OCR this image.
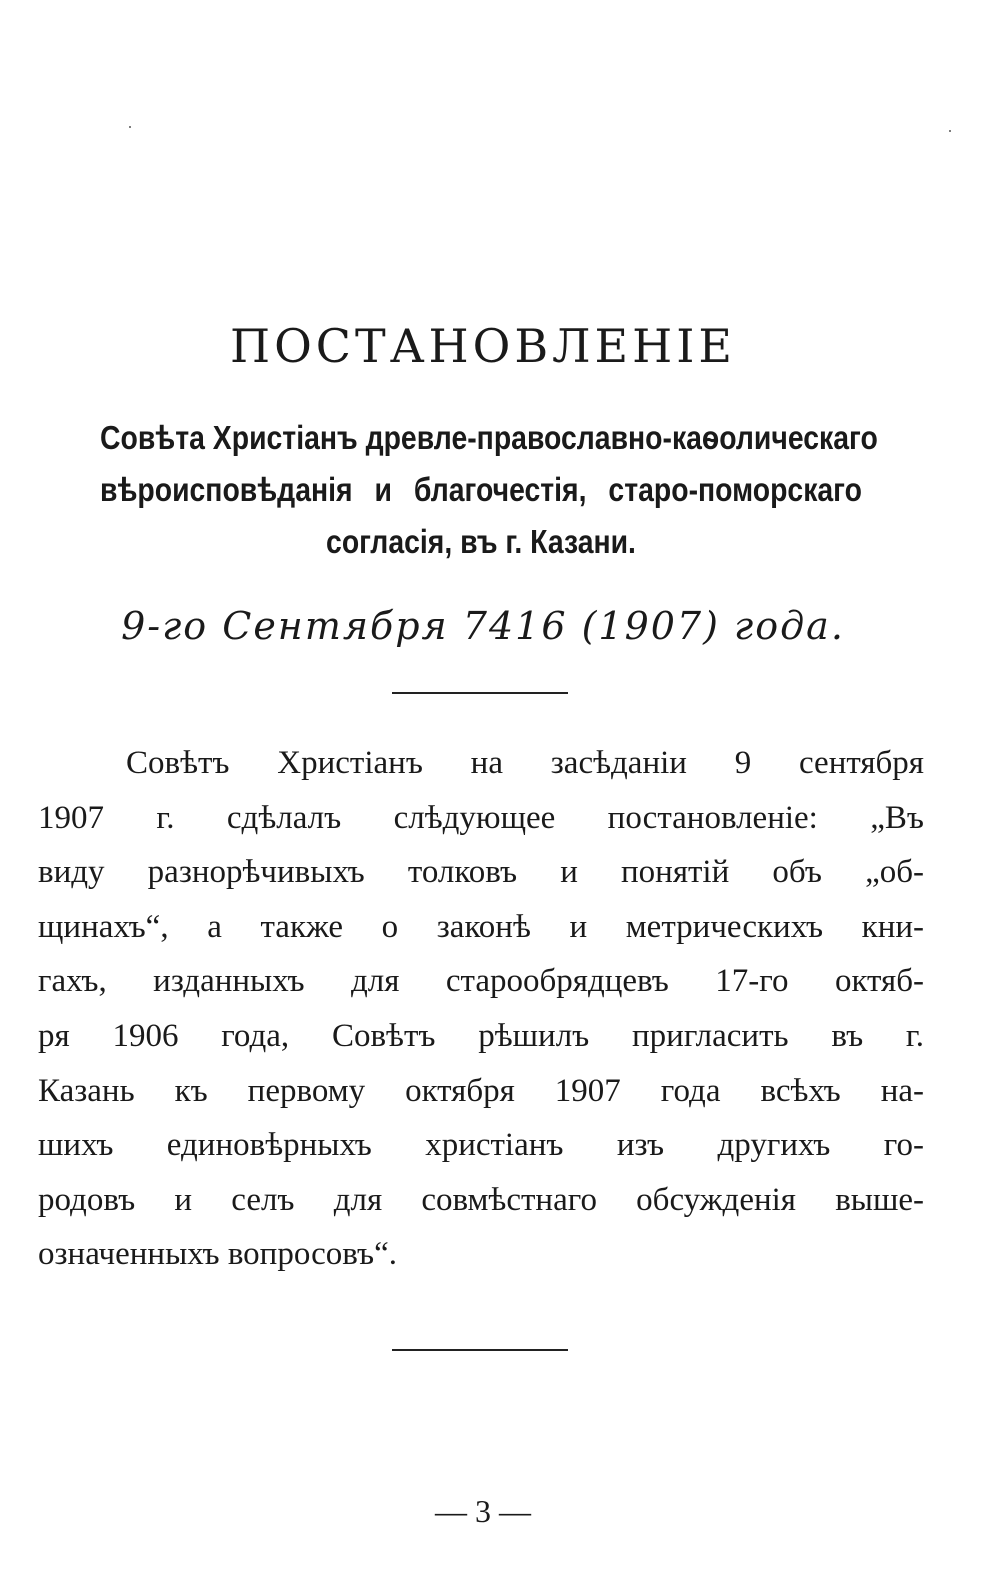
ПОСТАНОВЛЕНІЕ
Совѣта Христіанъ древле-православно-каѳолическаго
вѣроисповѣданія и благочестія, старо-поморскаго
согласія, въ г. Казани.

9-го Сентября 7416 (1907) года.

Совѣтъ Христіанъ на засѣданіи 9 сентября
1907 г. сдѣлалъ слѣдующее постановленіе: „Въ
виду разнорѣчивыхъ толковъ и понятій объ „об-
щинахъ“, а также о законѣ и метрическихъ кни-
гахъ, изданныхъ для старообрядцевъ 17-го октяб-
ря 1906 года, Совѣтъ рѣшилъ пригласить въ г.
Казань къ первому октября 1907 года всѣхъ на-
шихъ единовѣрныхъ христіанъ изъ другихъ го-
родовъ и селъ для совмѣстнаго обсужденія выше-
означенныхъ вопросовъ“.

— 3 —
